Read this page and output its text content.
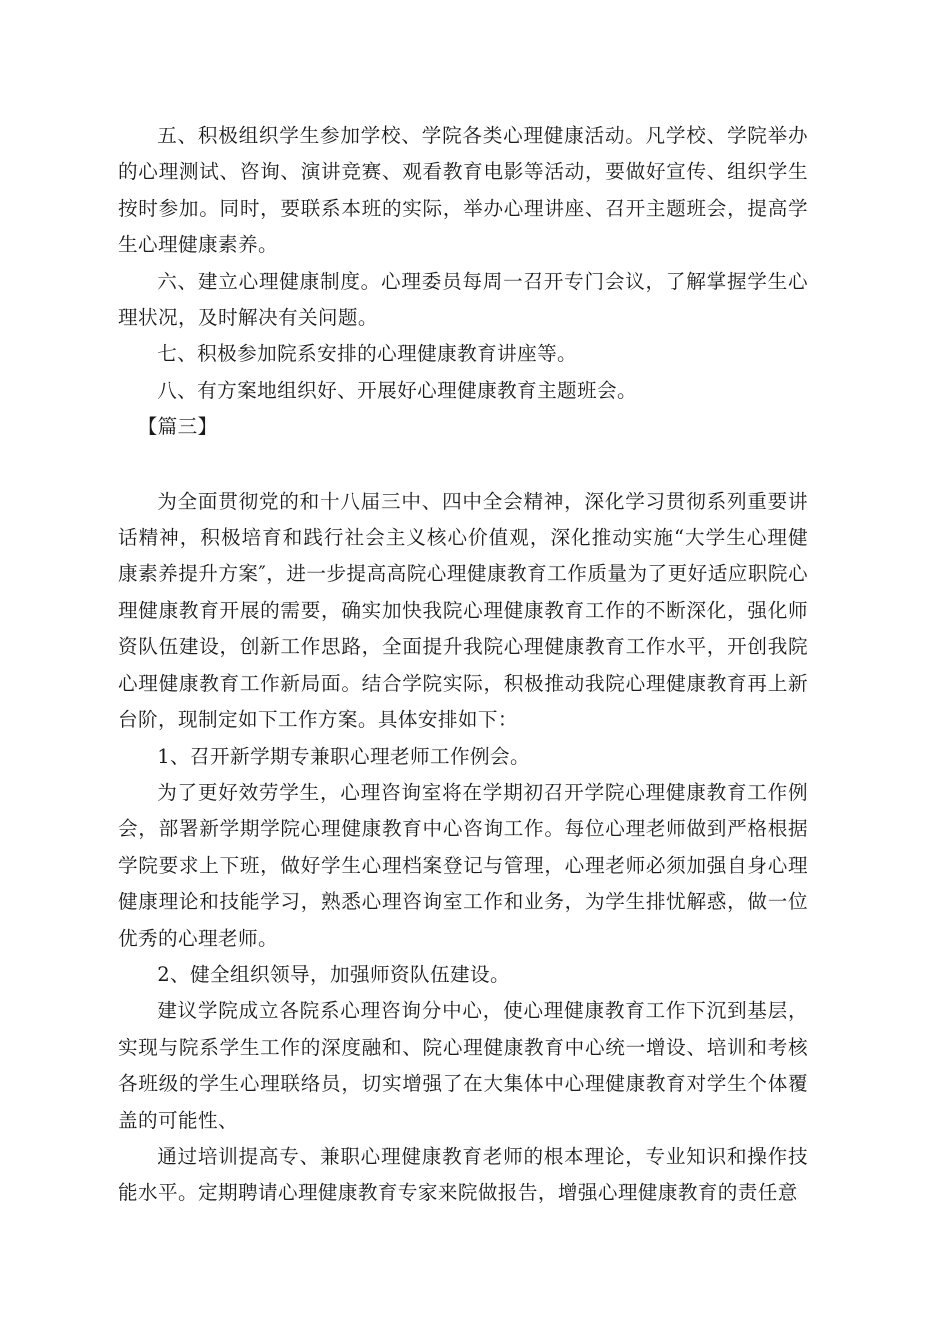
五、积极组织学生参加学校、学院各类心理健康活动。凡学校、学院举办的心理测试、咨询、演讲竞赛、观看教育电影等活动，要做好宣传、组织学生按时参加。同时，要联系本班的实际，举办心理讲座、召开主题班会，提高学生心理健康素养。

六、建立心理健康制度。心理委员每周一召开专门会议，了解掌握学生心理状况，及时解决有关问题。

七、积极参加院系安排的心理健康教育讲座等。

八、有方案地组织好、开展好心理健康教育主题班会。

【篇三】

为全面贯彻党的和十八届三中、四中全会精神，深化学习贯彻系列重要讲话精神，积极培育和践行社会主义核心价值观，深化推动实施“大学生心理健康素养提升方案″，进一步提高高院心理健康教育工作质量为了更好适应职院心理健康教育开展的需要，确实加快我院心理健康教育工作的不断深化，强化师资队伍建设，创新工作思路，全面提升我院心理健康教育工作水平，开创我院心理健康教育工作新局面。结合学院实际，积极推动我院心理健康教育再上新台阶，现制定如下工作方案。具体安排如下：

1、召开新学期专兼职心理老师工作例会。

为了更好效劳学生，心理咨询室将在学期初召开学院心理健康教育工作例会，部署新学期学院心理健康教育中心咨询工作。每位心理老师做到严格根据学院要求上下班，做好学生心理档案登记与管理，心理老师必须加强自身心理健康理论和技能学习，熟悉心理咨询室工作和业务，为学生排忧解惑，做一位优秀的心理老师。

2、健全组织领导，加强师资队伍建设。

建议学院成立各院系心理咨询分中心，使心理健康教育工作下沉到基层，实现与院系学生工作的深度融和、院心理健康教育中心统一增设、培训和考核各班级的学生心理联络员，切实增强了在大集体中心理健康教育对学生个体覆盖的可能性、

通过培训提高专、兼职心理健康教育老师的根本理论，专业知识和操作技能水平。定期聘请心理健康教育专家来院做报告，增强心理健康教育的责任意
